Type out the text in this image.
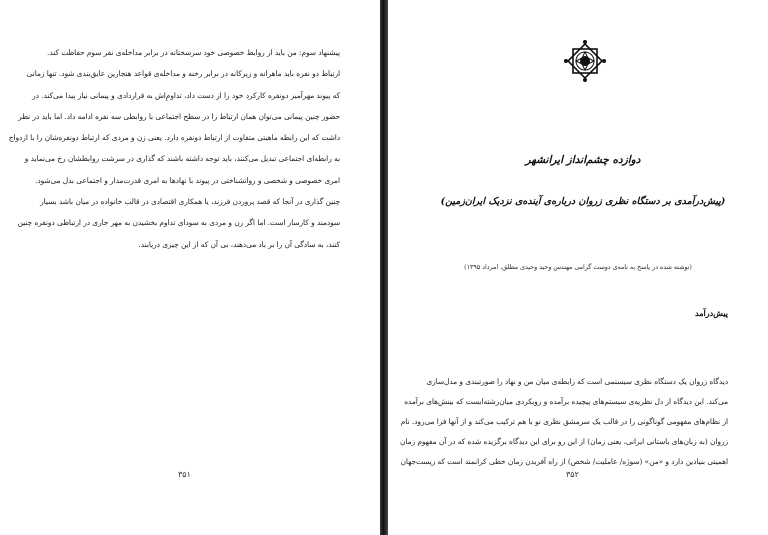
پیشنهاد سوم: من باید از روابط خصوصی خود سرسختانه در برابر مداخله‌ی نفر سوم حفاظت کند.
ارتباط دو نفره باید ماهرانه و زیرکانه در برابر رخنه و مداخله‌ی قواعد هنجارین عایق‌بندی شود. تنها زمانی
که پیوند مهرآمیز دونفره کارکرد خود را از دست داد، تداومِ‌اش به قراردادی و پیمانی نیاز پیدا می‌کند. در
حضور چنین پیمانی می‌توان همان ارتباط را در سطح اجتماعی با روابطی سه نفره ادامه داد. اما باید در نظر
داشت که این رابطه ماهیتی متفاوت از ارتباط دونفره دارد. یعنی زن و مردی که ارتباط دونفره‌شان را با ازدواج
به رابطه‌ای اجتماعی تبدیل می‌کنند، باید توجه داشته باشند که گذاری در سرشت روابطشان رخ می‌نماید و
امری خصوصی و شخصی و روانشناختی در پیوند با نهادها به امری قدرت‌مدار و اجتماعی بدل می‌شود.
چنین گذاری در آنجا که قصد پروردن فرزند، یا همکاری اقتصادی در قالب خانواده در میان باشد بسیار
سودمند و کارساز است. اما اگر زن و مردی به سودای تداوم بخشیدن به مهر جاری در ارتباطی دونفره چنین
کنند، به سادگی آن را بر باد می‌دهند، بی آن که از این چیزی دریابند.
۳۵۱
دوازده چشم‌انداز ایرانشهر
(پیش‌درآمدی بر دستگاه نظری زروان درباره‌ی آینده‌ی نزدیک ایران‌زمین)
(نوشته شده در پاسخ به نامه‌ی دوست گرامی مهندس وحید وحیدی مطلق، امرداد ۱۳۹۵)
پیش‌درآمد
دیدگاه زروان یک دستگاه نظری سیستمی است که رابطه‌ی میان من و نهاد را صورتبندی و مدل‌سازی
می‌کند. این دیدگاه از دل نظریه‌ی سیستم‌های پیچیده برآمده و رویکردی میان‌رشته‌ایست که بینش‌های برآمده
از نظام‌های مفهومی گوناگونی را در قالب یک سرمشق نظری نو با هم ترکیب می‌کند و از آنها فرا می‌رود. نام
زروان (به زبان‌های باستانی ایرانی، یعنی زمان) از این رو برای این دیدگاه برگزیده شده که در آن مفهوم زمان
اهمیتی بنیادین دارد و «من» (سوژه/ عاملیت/ شخص) از راه آفریدن زمان خطی کرانمند است که زیست‌جهان
۳۵۲
